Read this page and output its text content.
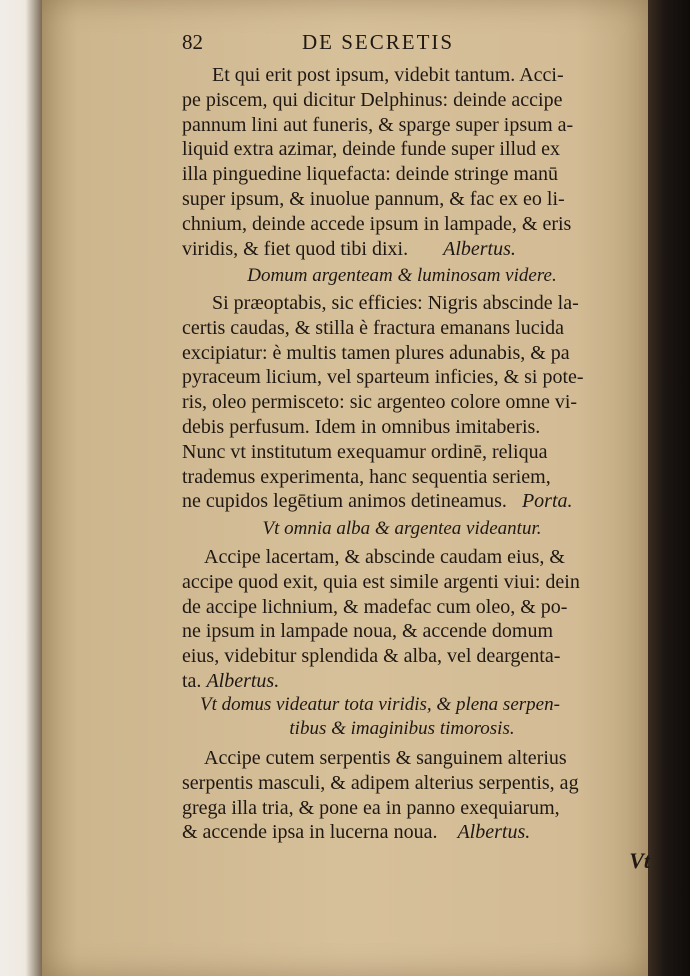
82	DE SECRETIS
Et qui erit post ipsum, videbit tantum. Acci-
pe piscem, qui dicitur Delphinus: deinde accipe
pannum lini aut funeris, & sparge super ipsum a-
liquid extra azimar, deinde funde super illud ex
illa pinguedine liquefacta: deinde stringe manū
super ipsum, & inuolue pannum, & fac ex eo li-
chnium, deinde accede ipsum in lampade, & eris
viridis, & fiet quod tibi dixi. Albertus.
Domum argenteam & luminosam videre.
Si præoptabis, sic efficies: Nigris abscinde la-
certis caudas, & stilla è fractura emanans lucida
excipiatur: è multis tamen plures adunabis, & pa
pyraceum licium, vel sparteum inficies, & si pote-
ris, oleo permisceto: sic argenteo colore omne vi-
debis perfusum. Idem in omnibus imitaberis.
Nunc vt institutum exequamur ordinē, reliqua
trademus experimenta, hanc sequentia seriem,
ne cupidos legētium animos detineamus. Porta.
Vt omnia alba & argentea videantur.
Accipe lacertam, & abscinde caudam eius, &
accipe quod exit, quia est simile argenti viui: dein
de accipe lichnium, & madefac cum oleo, & po-
ne ipsum in lampade noua, & accende domum
eius, videbitur splendida & alba, vel deargenta-
ta. Albertus.
Vt domus videatur tota viridis, & plena serpen-
tibus & imaginibus timorosis.
Accipe cutem serpentis & sanguinem alterius
serpentis masculi, & adipem alterius serpentis, ag
grega illa tria, & pone ea in panno exequiarum,
& accende ipsa in lucerna noua. Albertus.
Vt
